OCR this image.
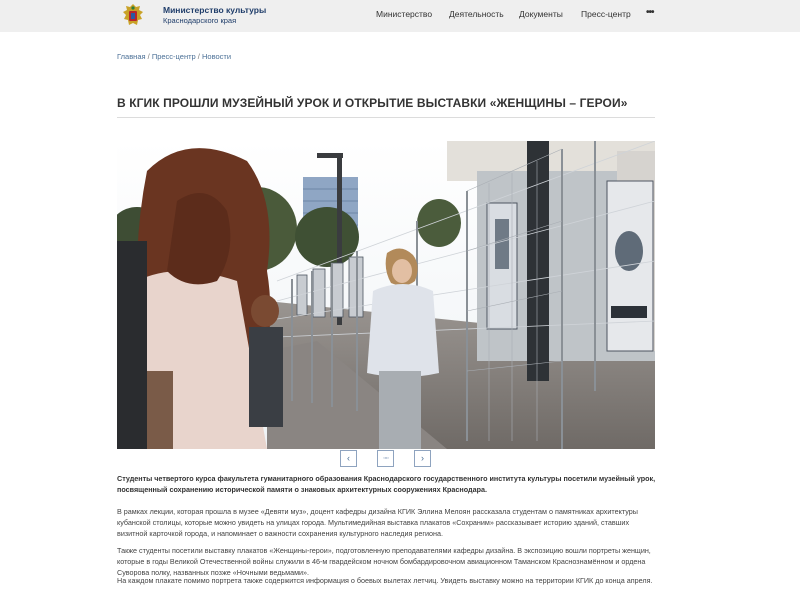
Министерство культуры
Краснодарского края
Министерство Деятельность Документы Пресс-центр •••
Главная / Пресс-центр / Новости
В КГИК ПРОШЛИ МУЗЕЙНЫЙ УРОК И ОТКРЫТИЕ ВЫСТАВКИ «ЖЕНЩИНЫ – ГЕРОИ»
‹	▫▫▫	›

Студенты четвертого курса факультета гуманитарного образования Краснодарского государственного института культуры посетили музейный урок, посвященный сохранению исторической памяти о знаковых архитектурных сооружениях Краснодара.

В рамках лекции, которая прошла в музее «Девяти муз», доцент кафедры дизайна КГИК Эллина Мелоян рассказала студентам о памятниках архитектуры кубанской столицы, которые можно увидеть на улицах города. Мультимедийная выставка плакатов «Сохраним» рассказывает историю зданий, ставших визитной карточкой города, и напоминает о важности сохранения культурного наследия региона.

Также студенты посетили выставку плакатов «Женщины-герои», подготовленную преподавателями кафедры дизайна. В экспозицию вошли портреты женщин, которые в годы Великой Отечественной войны служили в 46-м гвардейском ночном бомбардировочном авиационном Таманском Краснознамённом и ордена Суворова полку, названных позже «Ночными ведьмами».

На каждом плакате помимо портрета также содержится информация о боевых вылетах летчиц. Увидеть выставку можно на территории КГИК до конца апреля.
